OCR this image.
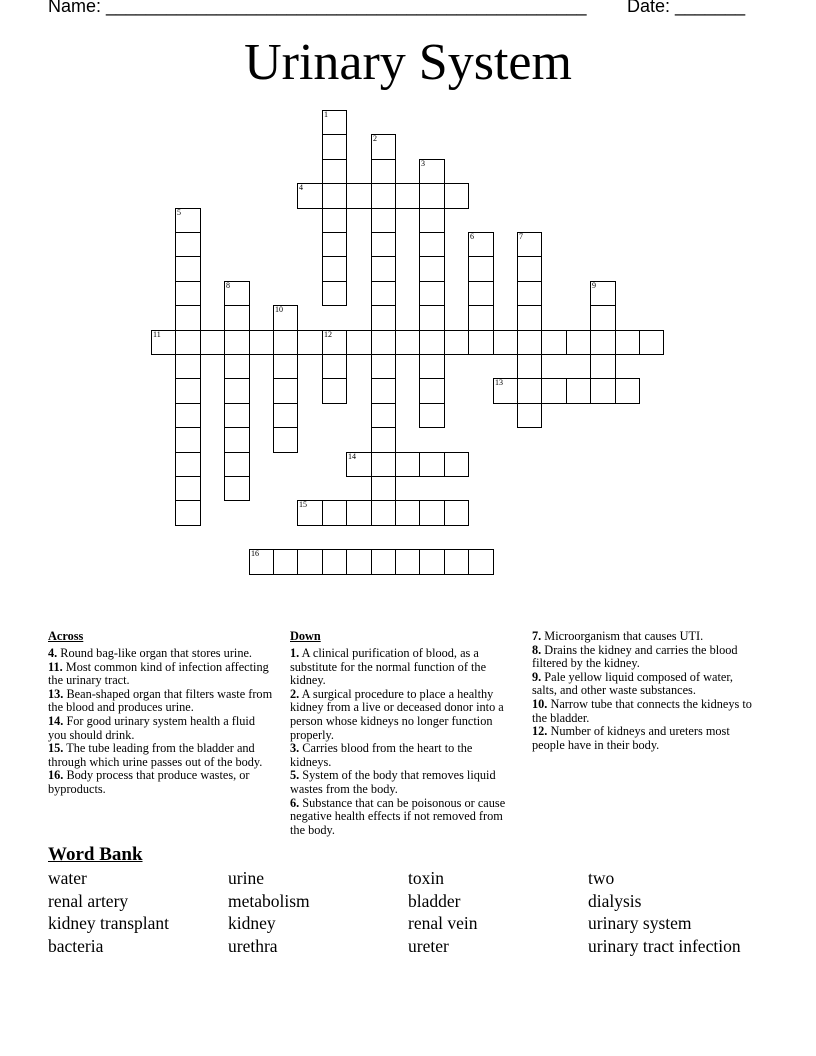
Name: ________________________________________________ Date: _______
Urinary System
4
11	12
13
14
15
16
1
2
3
5
6	7
8	9
10
Across
4. Round bag-like organ that stores urine.
11. Most common kind of infection affecting the urinary tract.
13. Bean-shaped organ that filters waste from the blood and produces urine.
14. For good urinary system health a fluid you should drink.
15. The tube leading from the bladder and through which urine passes out of the body.
16. Body process that produce wastes, or byproducts.
Down
1. A clinical purification of blood, as a substitute for the normal function of the kidney.
2. A surgical procedure to place a healthy kidney from a live or deceased donor into a person whose kidneys no longer function properly.
3. Carries blood from the heart to the kidneys.
5. System of the body that removes liquid wastes from the body.
6. Substance that can be poisonous or cause negative health effects if not removed from the body.
7. Microorganism that causes UTI.
8. Drains the kidney and carries the blood filtered by the kidney.
9. Pale yellow liquid composed of water, salts, and other waste substances.
10. Narrow tube that connects the kidneys to the bladder.
12. Number of kidneys and ureters most people have in their body.
Word Bank
water	urine	toxin	two
renal artery	metabolism	bladder	dialysis
kidney transplant	kidney	renal vein	urinary system
bacteria	urethra	ureter	urinary tract infection
